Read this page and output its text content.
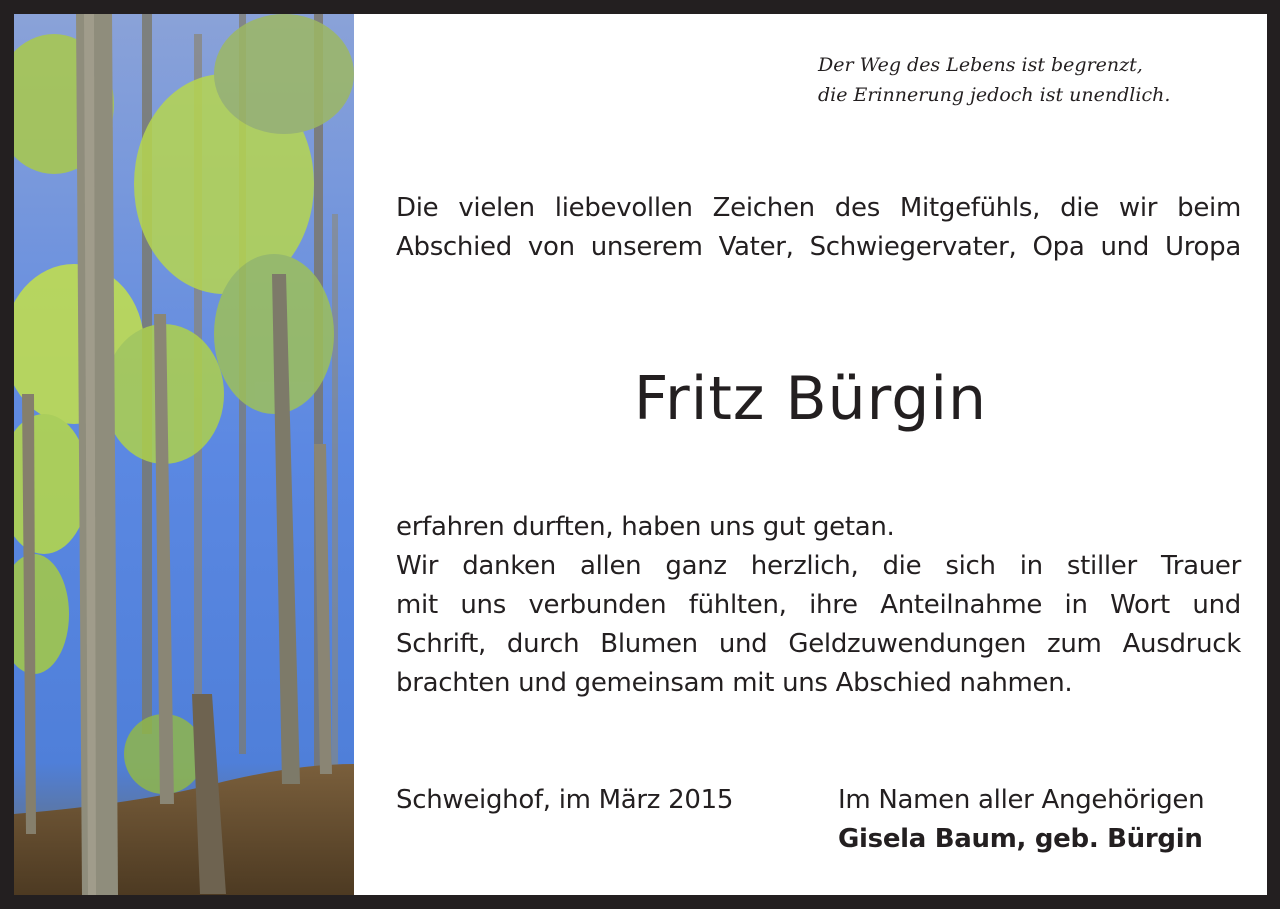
Der Weg des Lebens ist begrenzt,
die Erinnerung jedoch ist unendlich.
Die vielen liebevollen Zeichen des Mitgefühls, die wir beim
Abschied von unserem Vater, Schwiegervater, Opa und Uropa
Fritz Bürgin
erfahren durften, haben uns gut getan.
Wir danken allen ganz herzlich, die sich in stiller Trauer
mit uns verbunden fühlten, ihre Anteilnahme in Wort und
Schrift, durch Blumen und Geldzuwendungen zum Ausdruck
brachten und gemeinsam mit uns Abschied nahmen.
Schweighof, im März 2015	Im Namen aller Angehörigen
Gisela Baum, geb. Bürgin
